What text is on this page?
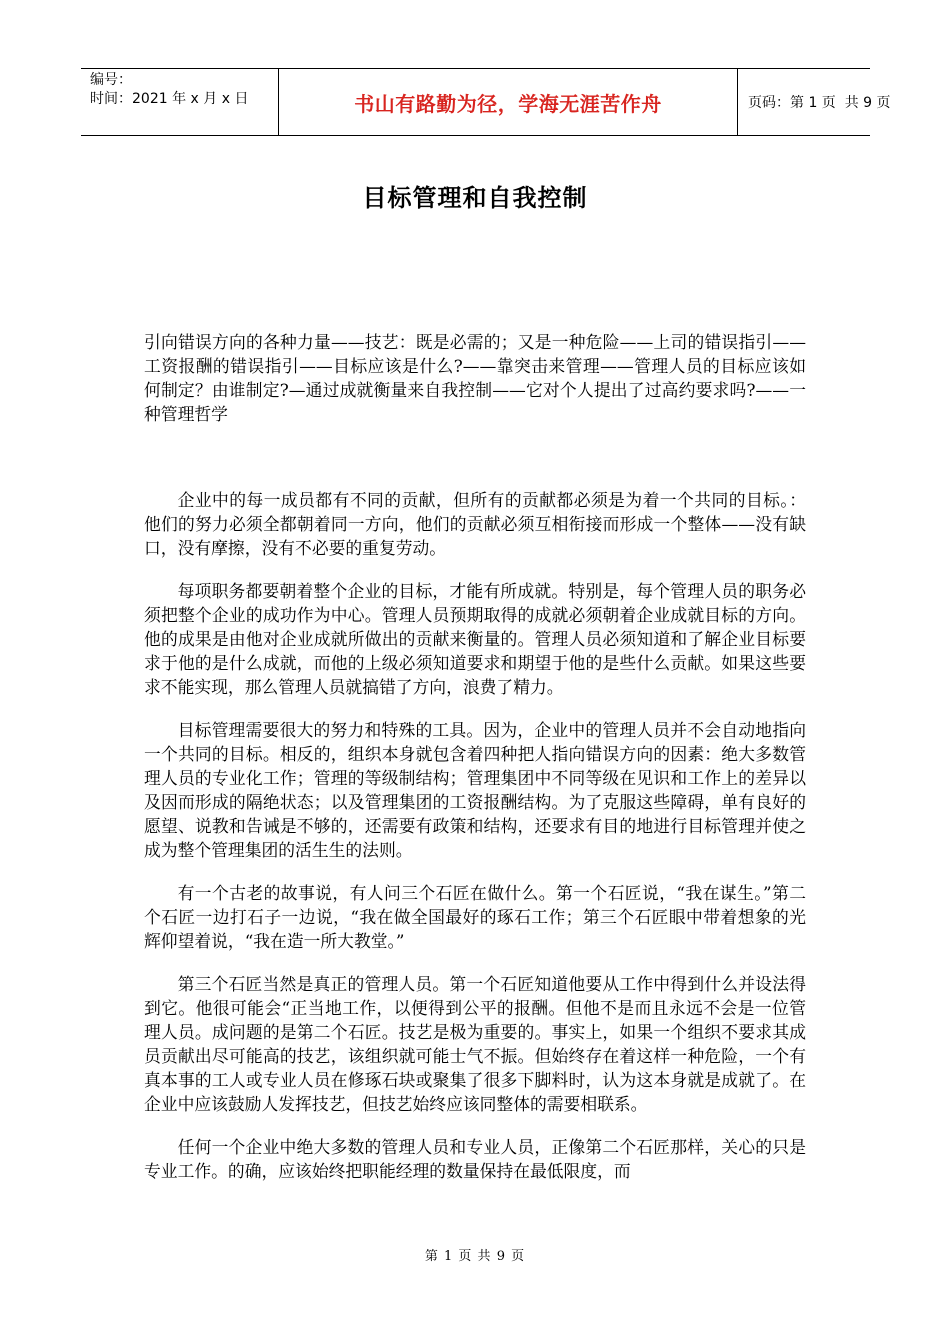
编号：
时间：2021 年 x 月 x 日	书山有路勤为径，学海无涯苦作舟	页码：第 1 页  共 9 页
目标管理和自我控制
引向错误方向的各种力量——技艺：既是必需的；又是一种危险——上司的错误指引——工资报酬的错误指引——目标应该是什么?——靠突击来管理——管理人员的目标应该如何制定？由谁制定?—通过成就衡量来自我控制——它对个人提出了过高约要求吗?——一种管理哲学

企业中的每一成员都有不同的贡献，但所有的贡献都必须是为着一个共同的目标。：他们的努力必须全都朝着同一方向，他们的贡献必须互相衔接而形成一个整体——没有缺口，没有摩擦，没有不必要的重复劳动。

每项职务都要朝着整个企业的目标，才能有所成就。特别是，每个管理人员的职务必须把整个企业的成功作为中心。管理人员预期取得的成就必须朝着企业成就目标的方向。他的成果是由他对企业成就所做出的贡献来衡量的。管理人员必须知道和了解企业目标要求于他的是什么成就，而他的上级必须知道要求和期望于他的是些什么贡献。如果这些要求不能实现，那么管理人员就搞错了方向，浪费了精力。

目标管理需要很大的努力和特殊的工具。因为，企业中的管理人员并不会自动地指向一个共同的目标。相反的，组织本身就包含着四种把人指向错误方向的因素：绝大多数管理人员的专业化工作；管理的等级制结构；管理集团中不同等级在见识和工作上的差异以及因而形成的隔绝状态；以及管理集团的工资报酬结构。为了克服这些障碍，单有良好的愿望、说教和告诫是不够的，还需要有政策和结构，还要求有目的地进行目标管理并使之成为整个管理集团的活生生的法则。

有一个古老的故事说，有人问三个石匠在做什么。第一个石匠说，“我在谋生。”第二个石匠一边打石子一边说，“我在做全国最好的琢石工作；第三个石匠眼中带着想象的光辉仰望着说，“我在造一所大教堂。”

第三个石匠当然是真正的管理人员。第一个石匠知道他要从工作中得到什么并设法得到它。他很可能会“正当地工作，以便得到公平的报酬。但他不是而且永远不会是一位管理人员。成问题的是第二个石匠。技艺是极为重要的。事实上，如果一个组织不要求其成员贡献出尽可能高的技艺，该组织就可能士气不振。但始终存在着这样一种危险，一个有真本事的工人或专业人员在修琢石块或聚集了很多下脚料时，认为这本身就是成就了。在企业中应该鼓励人发挥技艺，但技艺始终应该同整体的需要相联系。

任何一个企业中绝大多数的管理人员和专业人员，正像第二个石匠那样，关心的只是专业工作。的确，应该始终把职能经理的数量保持在最低限度，而

第 1 页 共 9 页
